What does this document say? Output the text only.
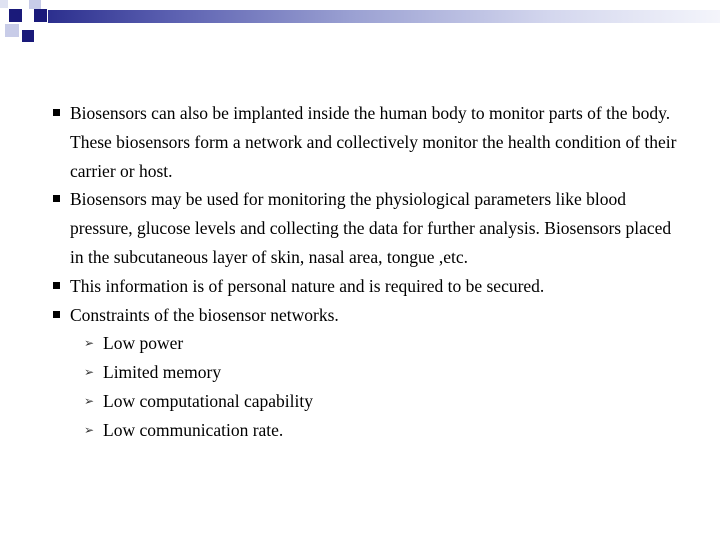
Biosensors can also be implanted inside the human body to monitor parts of the body. These biosensors form a network and collectively monitor the health condition of their carrier or host.
Biosensors may be used for monitoring the physiological parameters like blood pressure, glucose levels and collecting the data for further analysis. Biosensors placed in the subcutaneous layer of skin, nasal area, tongue ,etc.
This information is of personal nature and is required to be secured.
Constraints of the biosensor networks.
➢ Low power
➢ Limited memory
➢ Low computational capability
➢ Low communication rate.
